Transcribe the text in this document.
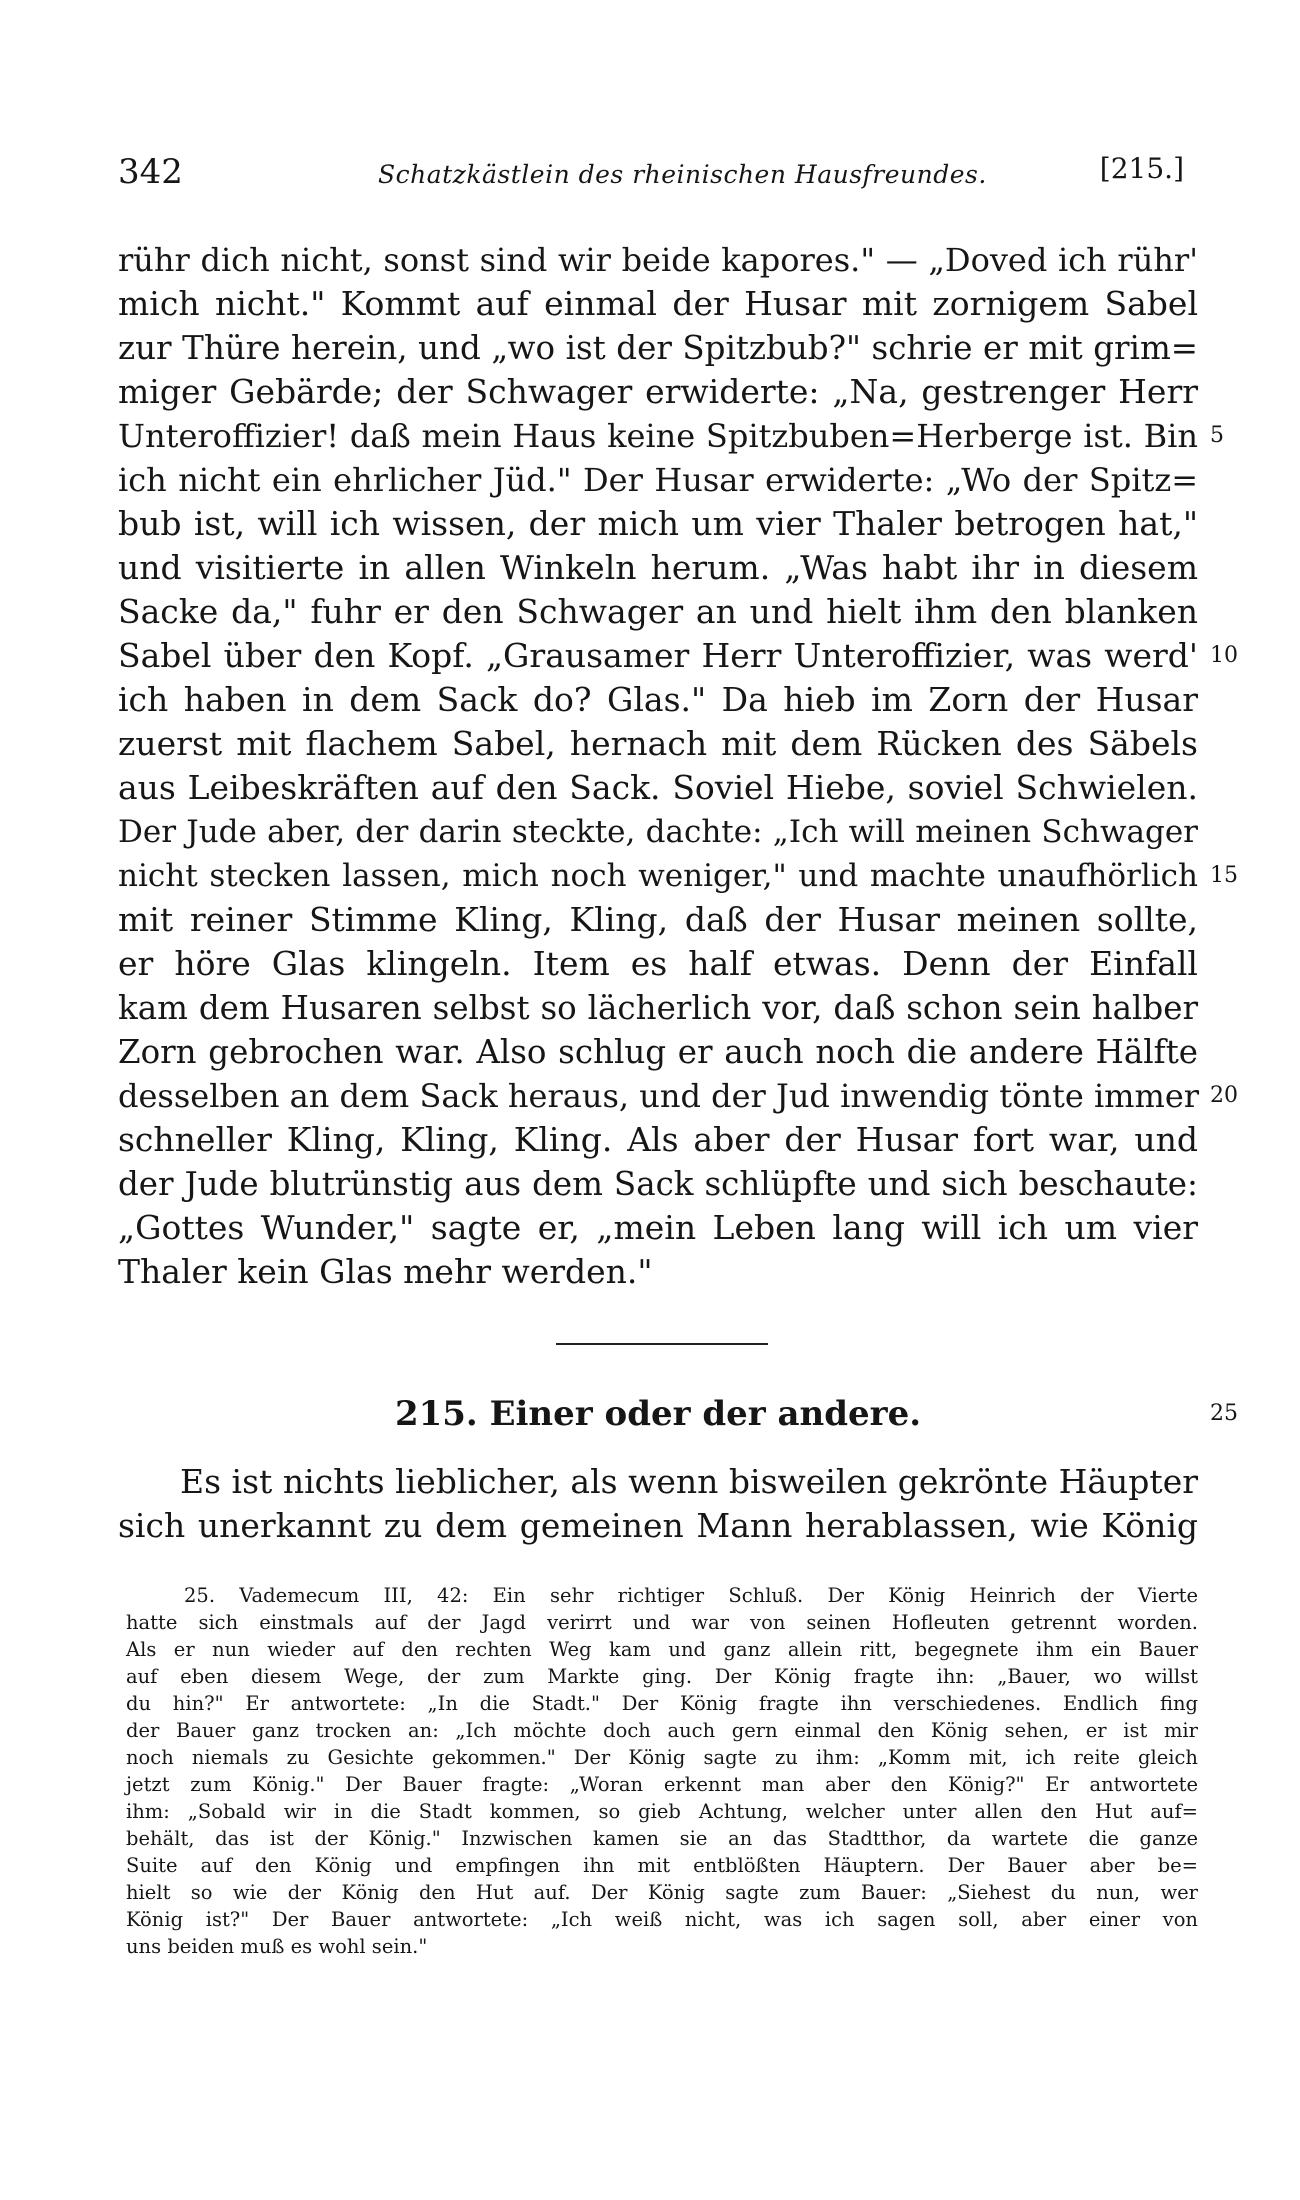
342	Schatzkästlein des rheinischen Hausfreundes.	[215.]
rühr dich nicht, sonst sind wir beide kapores." — „Doved ich rühr'
mich nicht." Kommt auf einmal der Husar mit zornigem Sabel
zur Thüre herein, und „wo ist der Spitzbub?" schrie er mit grim=
miger Gebärde; der Schwager erwiderte: „Na, gestrenger Herr
Unteroffizier! daß mein Haus keine Spitzbuben=Herberge ist. Bin
ich nicht ein ehrlicher Jüd." Der Husar erwiderte: „Wo der Spitz=
bub ist, will ich wissen, der mich um vier Thaler betrogen hat,"
und visitierte in allen Winkeln herum. „Was habt ihr in diesem
Sacke da," fuhr er den Schwager an und hielt ihm den blanken
Sabel über den Kopf. „Grausamer Herr Unteroffizier, was werd'
ich haben in dem Sack do? Glas." Da hieb im Zorn der Husar
zuerst mit flachem Sabel, hernach mit dem Rücken des Säbels
aus Leibeskräften auf den Sack. Soviel Hiebe, soviel Schwielen.
Der Jude aber, der darin steckte, dachte: „Ich will meinen Schwager
nicht stecken lassen, mich noch weniger," und machte unaufhörlich
mit reiner Stimme Kling, Kling, daß der Husar meinen sollte,
er höre Glas klingeln. Item es half etwas. Denn der Einfall
kam dem Husaren selbst so lächerlich vor, daß schon sein halber
Zorn gebrochen war. Also schlug er auch noch die andere Hälfte
desselben an dem Sack heraus, und der Jud inwendig tönte immer
schneller Kling, Kling, Kling. Als aber der Husar fort war, und
der Jude blutrünstig aus dem Sack schlüpfte und sich beschaute:
„Gottes Wunder," sagte er, „mein Leben lang will ich um vier
Thaler kein Glas mehr werden."
5
10
15
20
25
215. Einer oder der andere.
Es ist nichts lieblicher, als wenn bisweilen gekrönte Häupter
sich unerkannt zu dem gemeinen Mann herablassen, wie König
25. Vademecum III, 42: Ein sehr richtiger Schluß. Der König Heinrich der Vierte
hatte sich einstmals auf der Jagd verirrt und war von seinen Hofleuten getrennt worden.
Als er nun wieder auf den rechten Weg kam und ganz allein ritt, begegnete ihm ein Bauer
auf eben diesem Wege, der zum Markte ging. Der König fragte ihn: „Bauer, wo willst
du hin?" Er antwortete: „In die Stadt." Der König fragte ihn verschiedenes. Endlich fing
der Bauer ganz trocken an: „Ich möchte doch auch gern einmal den König sehen, er ist mir
noch niemals zu Gesichte gekommen." Der König sagte zu ihm: „Komm mit, ich reite gleich
jetzt zum König." Der Bauer fragte: „Woran erkennt man aber den König?" Er antwortete
ihm: „Sobald wir in die Stadt kommen, so gieb Achtung, welcher unter allen den Hut auf=
behält, das ist der König." Inzwischen kamen sie an das Stadtthor, da wartete die ganze
Suite auf den König und empfingen ihn mit entblößten Häuptern. Der Bauer aber be=
hielt so wie der König den Hut auf. Der König sagte zum Bauer: „Siehest du nun, wer
König ist?" Der Bauer antwortete: „Ich weiß nicht, was ich sagen soll, aber einer von
uns beiden muß es wohl sein."
